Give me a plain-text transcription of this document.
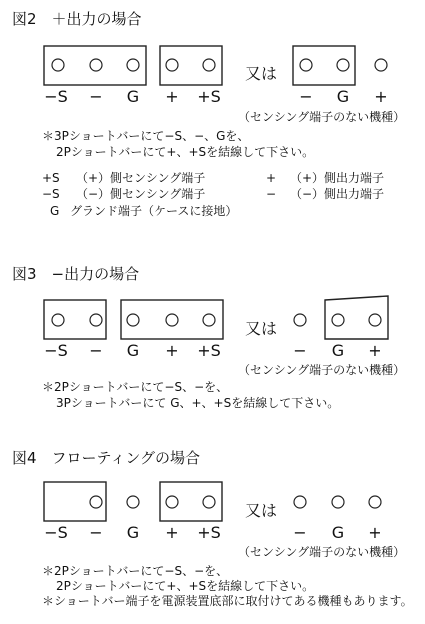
図2　＋出力の場合
−S − G + +S
又は
− G +
（センシング端子のない機種）
＊3Pショートバーにて−S、−、Gを、
2Pショートバーにて+、+Sを結線して下さい。
+S （+）側センシング端子
−S （−）側センシング端子
G グランド端子（ケースに接地）
+ （+）側出力端子
− （−）側出力端子
図3　−出力の場合
−S − G + +S
又は
− G +
（センシング端子のない機種）
＊2Pショートバーにて−S、−を、
3Pショートバーにて G、+、+Sを結線して下さい。
図4　フローティングの場合
−S − G + +S
又は
− G +
（センシング端子のない機種）
＊2Pショートバーにて−S、−を、
2Pショートバーにて+、+Sを結線して下さい。
＊ショートバー端子を電源装置底部に取付けてある機種もあります。
